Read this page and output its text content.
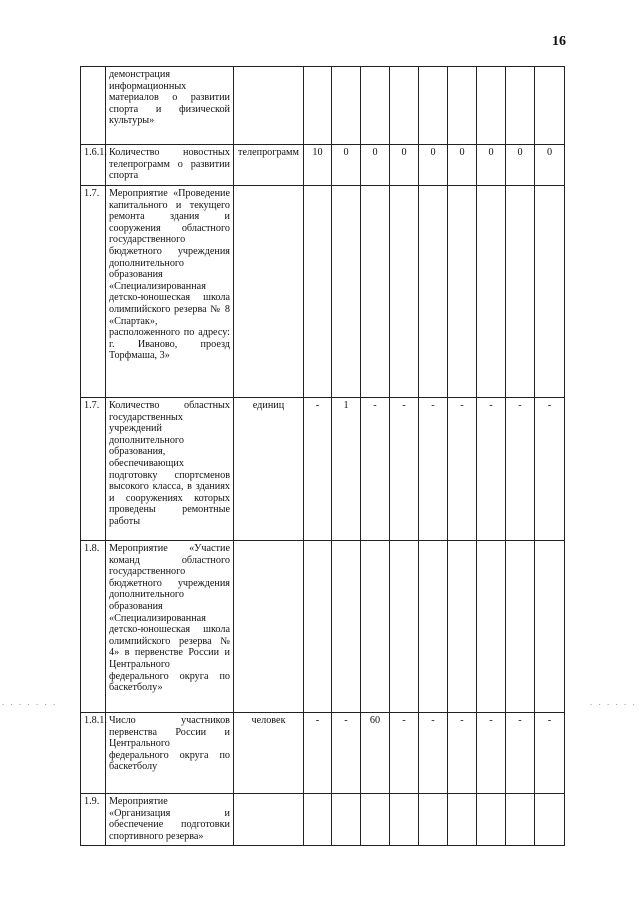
16
	демонстрация информационных материалов о развитии спорта и физической культуры»										
1.6.1.	Количество новостных телепрограмм о развитии спорта	телепрограмм	10	0	0	0	0	0	0	0	0
1.7.	Мероприятие «Проведение капитального и текущего ремонта здания и сооружения областного государственного бюджетного учреждения дополнительного образования «Специализированная детско-юношеская школа олимпийского резерва № 8 «Спартак», расположенного по адресу: г. Иваново, проезд Торфмаша, 3»										
1.7.	Количество областных государственных учреждений дополнительного образования, обеспечивающих подготовку спортсменов высокого класса, в зданиях и сооружениях которых проведены ремонтные работы	единиц	-	1	-	-	-	-	-	-	-
1.8.	Мероприятие «Участие команд областного государственного бюджетного учреждения дополнительного образования «Специализированная детско-юношеская школа олимпийского резерва № 4» в первенстве России и Центрального федерального округа по баскетболу»										
1.8.1.	Число участников первенства России и Центрального федерального округа по баскетболу	человек	-	-	60	-	-	-	-	-	-
1.9.	Мероприятие «Организация и обеспечение подготовки спортивного резерва»										
. . . . . . .	. . . . . .
